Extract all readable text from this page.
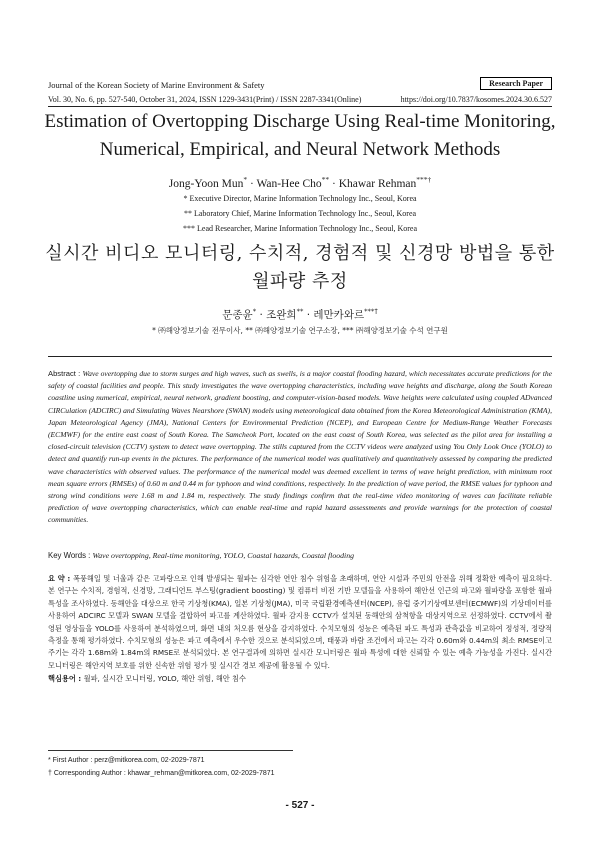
Journal of the Korean Society of Marine Environment & Safety	Research Paper
Vol. 30, No. 6, pp. 527-540, October 31, 2024, ISSN 1229-3431(Print) / ISSN 2287-3341(Online)	https://doi.org/10.7837/kosomes.2024.30.6.527
Estimation of Overtopping Discharge Using Real-time Monitoring,
Numerical, Empirical, and Neural Network Methods
Jong-Yoon Mun* · Wan-Hee Cho** · Khawar Rehman***†
* Executive Director, Marine Information Technology Inc., Seoul, Korea
** Laboratory Chief, Marine Information Technology Inc., Seoul, Korea
*** Lead Researcher, Marine Information Technology Inc., Seoul, Korea
실시간 비디오 모니터링, 수치적, 경험적 및 신경망 방법을 통한
월파량 추정
문종윤* · 조완희** · 레만카와르***†
* ㈜해양정보기술 전무이사, ** ㈜해양정보기술 연구소장, *** ㈜해양정보기술 수석 연구원
Abstract : Wave overtopping due to storm surges and high waves, such as swells, is a major coastal flooding hazard, which necessitates accurate predictions for the safety of coastal facilities and people. This study investigates the wave overtopping characteristics, including wave heights and discharge, along the South Korean coastline using numerical, empirical, neural network, gradient boosting, and computer-vision-based models. Wave heights were calculated using coupled ADvanced CIRCulation (ADCIRC) and Simulating Waves Nearshore (SWAN) models using meteorological data obtained from the Korea Meteorological Administration (KMA), Japan Meteorological Agency (JMA), National Centers for Environmental Prediction (NCEP), and European Centre for Medium-Range Weather Forecasts (ECMWF) for the entire east coast of South Korea. The Samcheok Port, located on the east coast of South Korea, was selected as the pilot area for installing a closed-circuit television (CCTV) system to detect wave overtopping. The stills captured from the CCTV videos were analyzed using You Only Look Once (YOLO) to detect and quantify run-up events in the pictures. The performance of the numerical model was qualitatively and quantitatively assessed by comparing the predicted wave characteristics with observed values. The performance of the numerical model was deemed excellent in terms of wave height prediction, with minimum root mean square errors (RMSEs) of 0.60 m and 0.44 m for typhoon and wind conditions, respectively. In the prediction of wave period, the RMSE values for typhoon and strong wind conditions were 1.68 m and 1.84 m, respectively. The study findings confirm that the real-time video monitoring of waves can facilitate reliable prediction of wave overtopping characteristics, which can enable real-time and rapid hazard assessments and provide warnings for the protection of coastal communities.
Key Words : Wave overtopping, Real-time monitoring, YOLO, Coastal hazards, Coastal flooding
요 약 : 폭풍해일 및 너울과 같은 고파랑으로 인해 발생되는 월파는 심각한 연안 침수 위험을 초래하며, 연안 시설과 주민의 안전을 위해 정확한 예측이 필요하다. 본 연구는 수치적, 경험적, 신경망, 그래디언트 부스팅(gradient boosting) 및 컴퓨터 비전 기반 모델들을 사용하여 해안선 인근의 파고와 월파량을 포함한 월파 특성을 조사하였다. 동해안을 대상으로 한국 기상청(KMA), 일본 기상청(JMA), 미국 국립환경예측센터(NCEP), 유럽 중기기상예보센터(ECMWF)의 기상데이터를 사용하여 ADCIRC 모델과 SWAN 모델을 결합하여 파고를 계산하였다. 월파 감지용 CCTV가 설치된 동해안의 삼척항을 대상지역으로 선정하였다. CCTV에서 촬영된 영상들을 YOLO를 사용하여 분석하였으며, 화면 내의 처오름 현상을 감지하였다. 수치모형의 성능은 예측된 파도 특성과 관측값을 비교하여 정성적, 정량적 측정을 통해 평가하였다. 수치모형의 성능은 파고 예측에서 우수한 것으로 분석되었으며, 태풍과 바람 조건에서 파고는 각각 0.60m와 0.44m의 최소 RMSE이고 주기는 각각 1.68m와 1.84m의 RMSE로 분석되었다. 본 연구결과에 의하면 실시간 모니터링은 월파 특성에 대한 신뢰할 수 있는 예측 가능성을 가진다. 실시간 모니터링은 해안지역 보호를 위한 신속한 위험 평가 및 실시간 경보 제공에 활용될 수 있다.
핵심용어 : 월파, 실시간 모니터링, YOLO, 해안 위험, 해안 침수
* First Author : perz@mitkorea.com, 02-2029-7871
† Corresponding Author : khawar_rehman@mitkorea.com, 02-2029-7871
- 527 -
